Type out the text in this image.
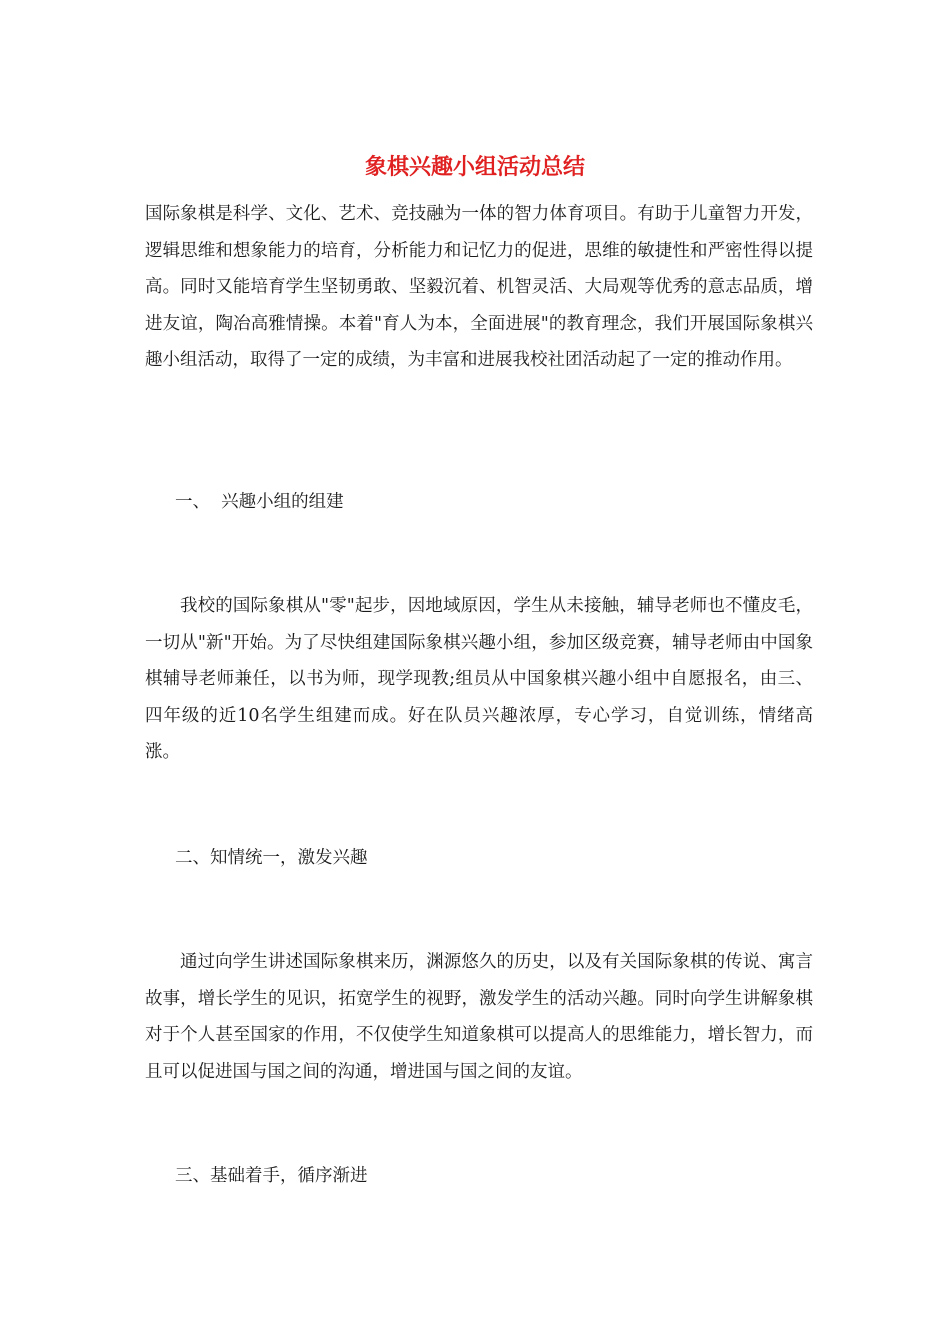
象棋兴趣小组活动总结

国际象棋是科学、文化、艺术、竞技融为一体的智力体育项目。有助于儿童智力开发，逻辑思维和想象能力的培育，分析能力和记忆力的促进，思维的敏捷性和严密性得以提高。同时又能培育学生坚韧勇敢、坚毅沉着、机智灵活、大局观等优秀的意志品质，增进友谊，陶冶高雅情操。本着"育人为本，全面进展"的教育理念，我们开展国际象棋兴趣小组活动，取得了一定的成绩，为丰富和进展我校社团活动起了一定的推动作用。

一、  兴趣小组的组建

我校的国际象棋从"零"起步，因地域原因，学生从未接触，辅导老师也不懂皮毛，一切从"新"开始。为了尽快组建国际象棋兴趣小组，参加区级竞赛，辅导老师由中国象棋辅导老师兼任，以书为师，现学现教;组员从中国象棋兴趣小组中自愿报名，由三、四年级的近10名学生组建而成。好在队员兴趣浓厚，专心学习，自觉训练，情绪高涨。

二、知情统一，激发兴趣

通过向学生讲述国际象棋来历，渊源悠久的历史，以及有关国际象棋的传说、寓言故事，增长学生的见识，拓宽学生的视野，激发学生的活动兴趣。同时向学生讲解象棋对于个人甚至国家的作用，不仅使学生知道象棋可以提高人的思维能力，增长智力，而且可以促进国与国之间的沟通，增进国与国之间的友谊。

三、基础着手，循序渐进
